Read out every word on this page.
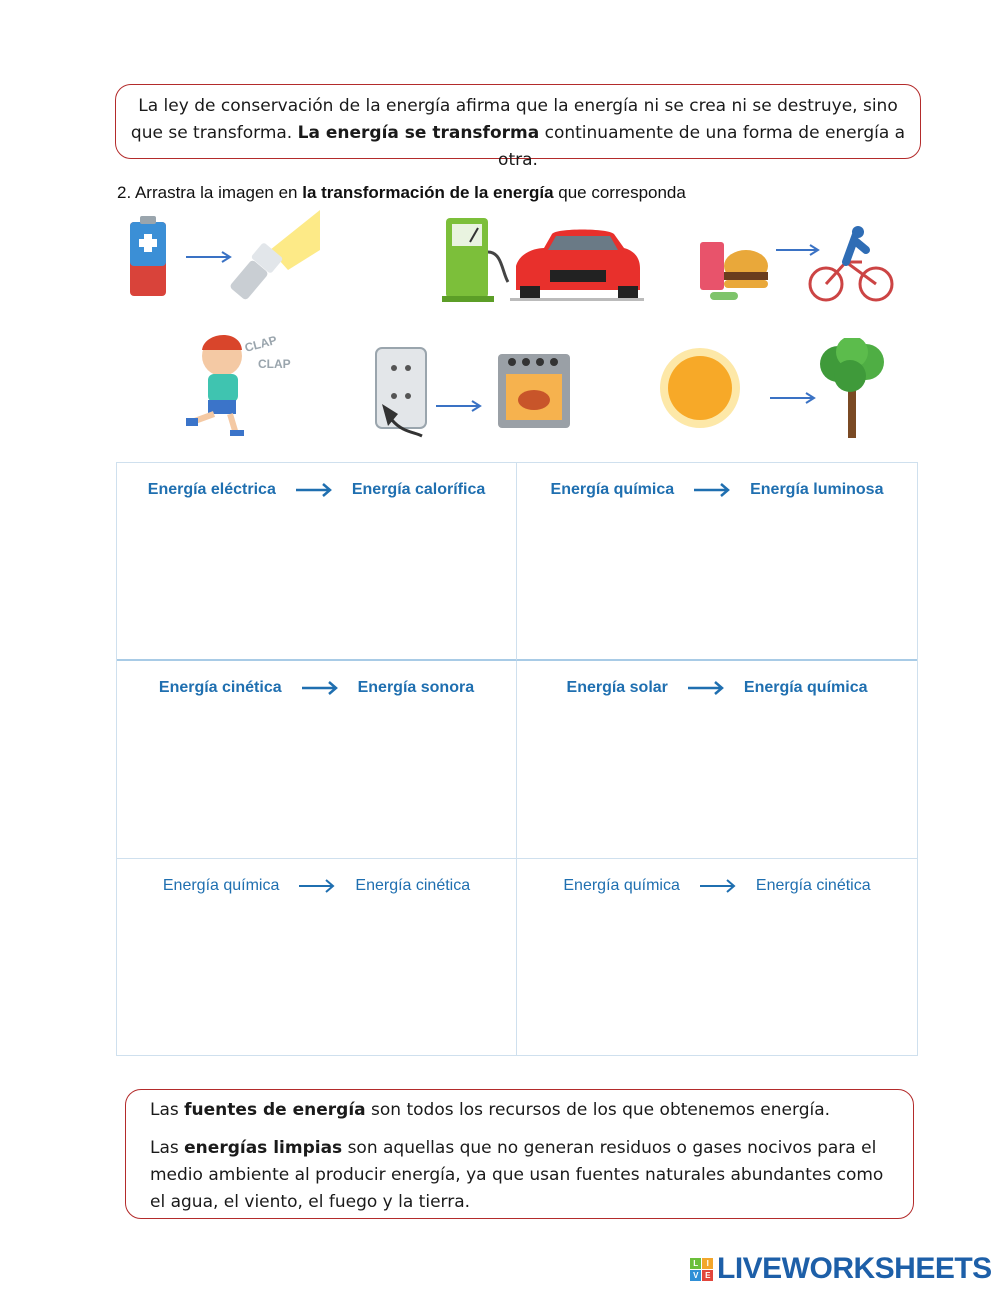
La ley de conservación de la energía afirma que la energía ni se crea ni se destruye, sino que se transforma. La energía se transforma continuamente de una forma de energía a otra.
2. Arrastra la imagen en la transformación de la energía que corresponda
CLAP
CLAP
Energía eléctrica	Energía calorífica	Energía química	Energía luminosa
Energía cinética	Energía sonora	Energía solar	Energía química
Energía química	Energía cinética	Energía química	Energía cinética

Las fuentes de energía son todos los recursos de los que obtenemos energía.

Las energías limpias son aquellas que no generan residuos o gases nocivos para el medio ambiente al producir energía, ya que usan fuentes naturales abundantes como el agua, el viento, el fuego y la tierra.

L	I
V E LIVEWORKSHEETS
